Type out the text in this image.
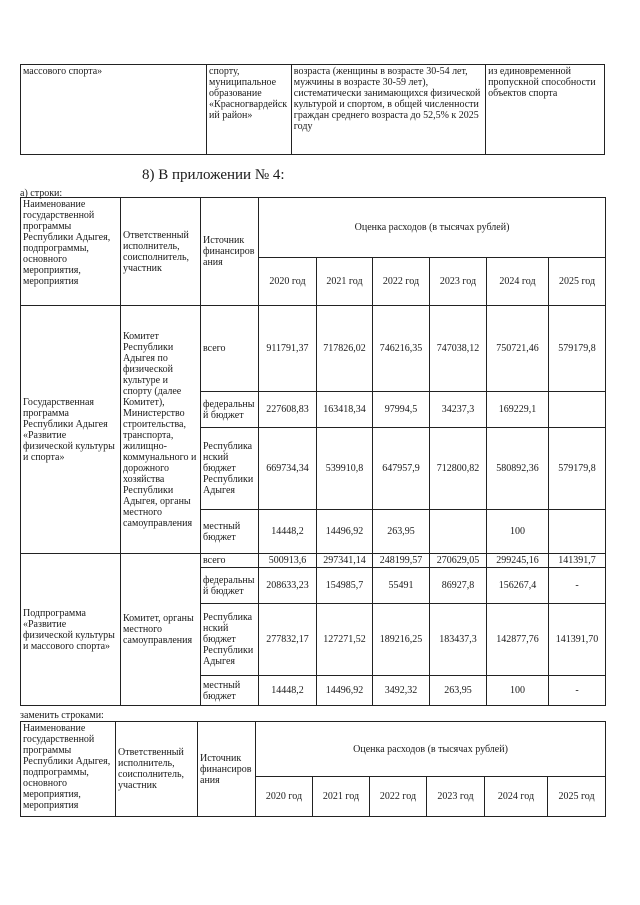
массового спорта»	спорту, муниципальное образование «Красногвардейский район»	возраста (женщины в возрасте 30-54 лет, мужчины в возрасте 30-59 лет), систематически занимающихся физической культурой и спортом, в общей численности граждан среднего возраста до 52,5% к 2025 году	из единовременной пропускной способности объектов спорта
8) В приложении № 4:
а) строки:
Наименование государственной программы Республики Адыгея, подпрограммы, основного мероприятия, мероприятия	Ответственный исполнитель, соисполнитель, участник	Источник финансирования	Оценка расходов (в тысячах рублей)					
			2020 год	2021 год	2022 год	2023 год	2024 год	2025 год
Государственная программа Республики Адыгея «Развитие физической культуры и спорта»	Комитет Республики Адыгея по физической культуре и спорту (далее Комитет), Министерство строительства, транспорта, жилищно-коммунального и дорожного хозяйства Республики Адыгея, органы местного самоуправления	всего	911791,37	717826,02	746216,35	747038,12	750721,46	579179,8
		федеральный бюджет	227608,83	163418,34	97994,5	34237,3	169229,1	
		Республиканский бюджет Республики Адыгея	669734,34	539910,8	647957,9	712800,82	580892,36	579179,8
		местный бюджет	14448,2	14496,92	263,95		100	
Подпрограмма «Развитие физической культуры и массового спорта»	Комитет, органы местного самоуправления	всего	500913,6	297341,14	248199,57	270629,05	299245,16	141391,7
		федеральный бюджет	208633,23	154985,7	55491	86927,8	156267,4	-
		Республиканский бюджет Республики Адыгея	277832,17	127271,52	189216,25	183437,3	142877,76	141391,70
		местный бюджет	14448,2	14496,92	3492,32	263,95	100	-
заменить строками:
Наименование государственной программы Республики Адыгея, подпрограммы, основного мероприятия, мероприятия	Ответственный исполнитель, соисполнитель, участник	Источник финансирования	Оценка расходов (в тысячах рублей)					
			2020 год	2021 год	2022 год	2023 год	2024 год	2025 год
